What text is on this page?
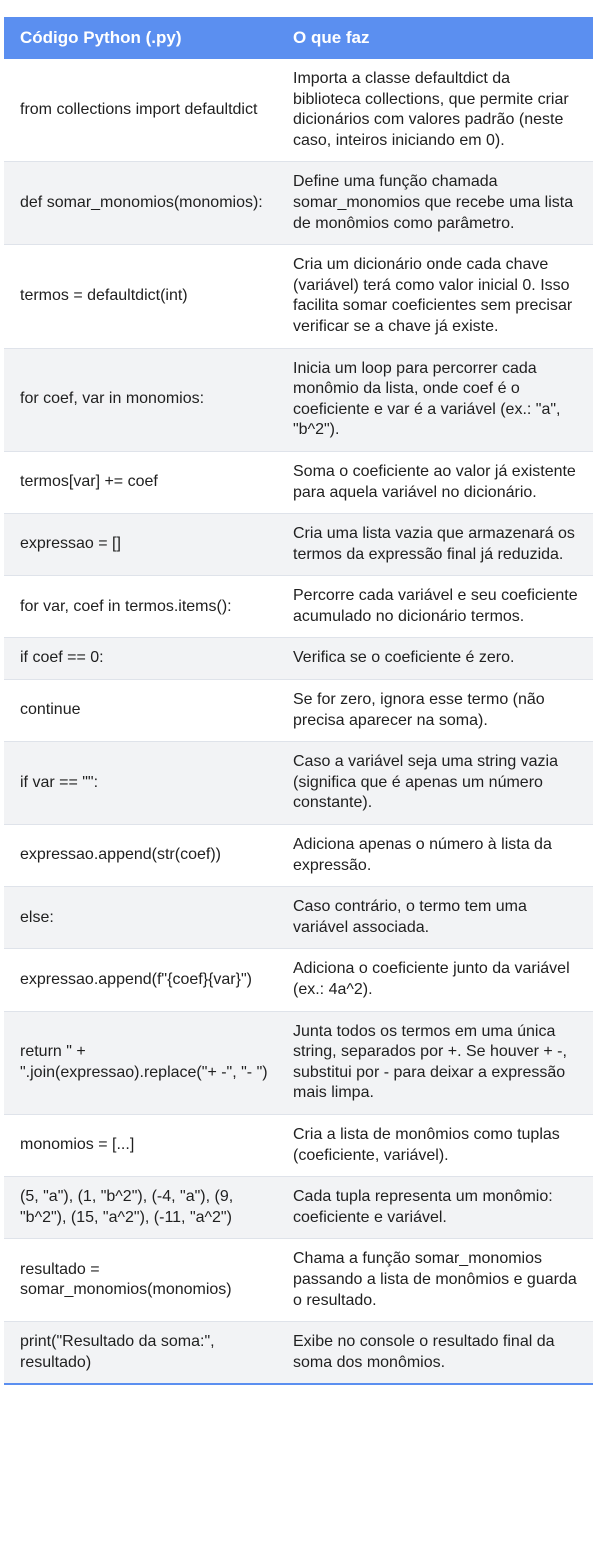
Código Python (.py)	O que faz
from collections import defaultdict	Importa a classe defaultdict da biblioteca collections, que permite criar dicionários com valores padrão (neste caso, inteiros iniciando em 0).
def somar_monomios(monomios):	Define uma função chamada somar_monomios que recebe uma lista de monômios como parâmetro.
termos = defaultdict(int)	Cria um dicionário onde cada chave (variável) terá como valor inicial 0. Isso facilita somar coeficientes sem precisar verificar se a chave já existe.
for coef, var in monomios:	Inicia um loop para percorrer cada monômio da lista, onde coef é o coeficiente e var é a variável (ex.: "a", "b^2").
termos[var] += coef	Soma o coeficiente ao valor já existente para aquela variável no dicionário.
expressao = []	Cria uma lista vazia que armazenará os termos da expressão final já reduzida.
for var, coef in termos.items():	Percorre cada variável e seu coeficiente acumulado no dicionário termos.
if coef == 0:	Verifica se o coeficiente é zero.
continue	Se for zero, ignora esse termo (não precisa aparecer na soma).
if var == "":	Caso a variável seja uma string vazia (significa que é apenas um número constante).
expressao.append(str(coef))	Adiciona apenas o número à lista da expressão.
else:	Caso contrário, o termo tem uma variável associada.
expressao.append(f"{coef}{var}")	Adiciona o coeficiente junto da variável (ex.: 4a^2).
return " + ".join(expressao).replace("+ -", "- ")	Junta todos os termos em uma única string, separados por +. Se houver + -, substitui por - para deixar a expressão mais limpa.
monomios = [...]	Cria a lista de monômios como tuplas (coeficiente, variável).
(5, "a"), (1, "b^2"), (-4, "a"), (9, "b^2"), (15, "a^2"), (-11, "a^2")	Cada tupla representa um monômio: coeficiente e variável.
resultado = somar_monomios(monomios)	Chama a função somar_monomios passando a lista de monômios e guarda o resultado.
print("Resultado da soma:", resultado)	Exibe no console o resultado final da soma dos monômios.
